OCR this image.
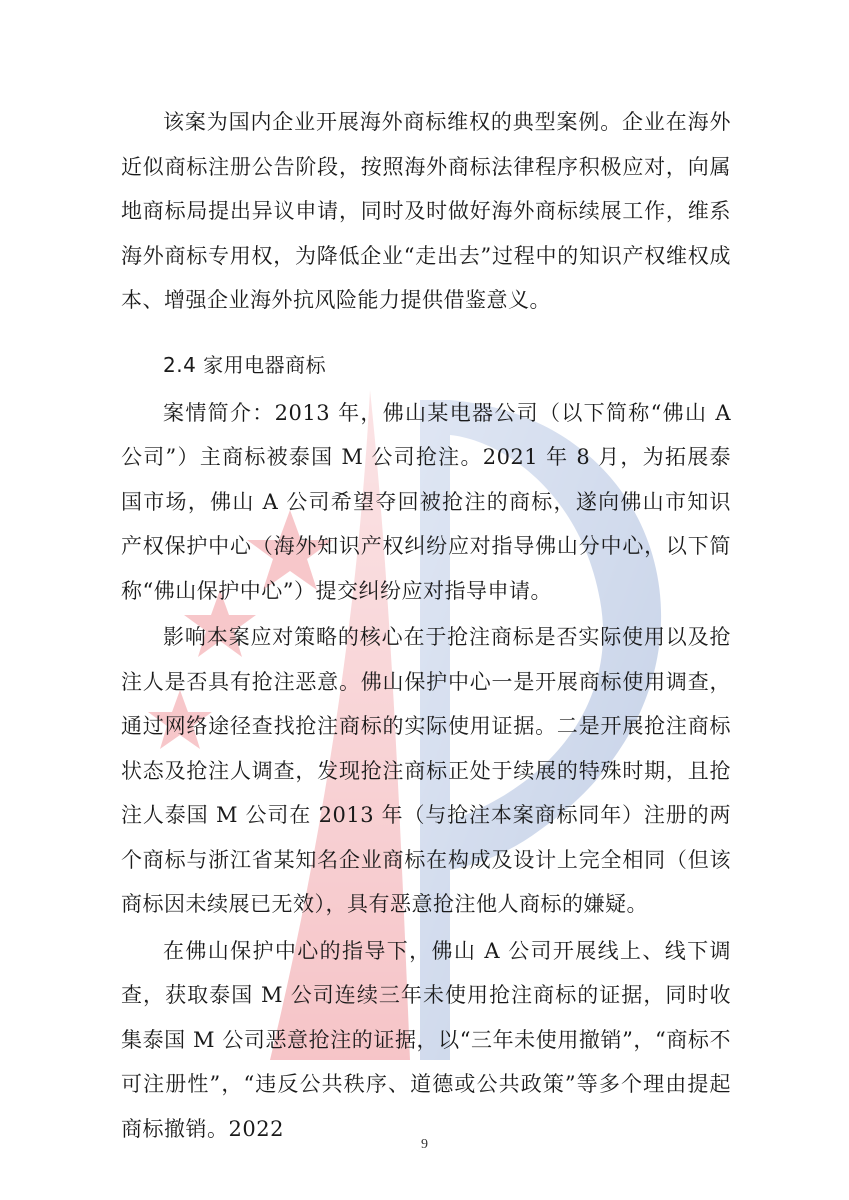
该案为国内企业开展海外商标维权的典型案例。企业在海外近似商标注册公告阶段，按照海外商标法律程序积极应对，向属地商标局提出异议申请，同时及时做好海外商标续展工作，维系海外商标专用权，为降低企业“走出去”过程中的知识产权维权成本、增强企业海外抗风险能力提供借鉴意义。

2.4 家用电器商标

案情简介：2013 年，佛山某电器公司（以下简称“佛山 A 公司”）主商标被泰国 M 公司抢注。2021 年 8 月，为拓展泰国市场，佛山 A 公司希望夺回被抢注的商标，遂向佛山市知识产权保护中心（海外知识产权纠纷应对指导佛山分中心，以下简称“佛山保护中心”）提交纠纷应对指导申请。

影响本案应对策略的核心在于抢注商标是否实际使用以及抢注人是否具有抢注恶意。佛山保护中心一是开展商标使用调查，通过网络途径查找抢注商标的实际使用证据。二是开展抢注商标状态及抢注人调查，发现抢注商标正处于续展的特殊时期，且抢注人泰国 M 公司在 2013 年（与抢注本案商标同年）注册的两个商标与浙江省某知名企业商标在构成及设计上完全相同（但该商标因未续展已无效），具有恶意抢注他人商标的嫌疑。

在佛山保护中心的指导下，佛山 A 公司开展线上、线下调查，获取泰国 M 公司连续三年未使用抢注商标的证据，同时收集泰国 M 公司恶意抢注的证据，以“三年未使用撤销”，“商标不可注册性”，“违反公共秩序、道德或公共政策”等多个理由提起商标撤销。2022

9
